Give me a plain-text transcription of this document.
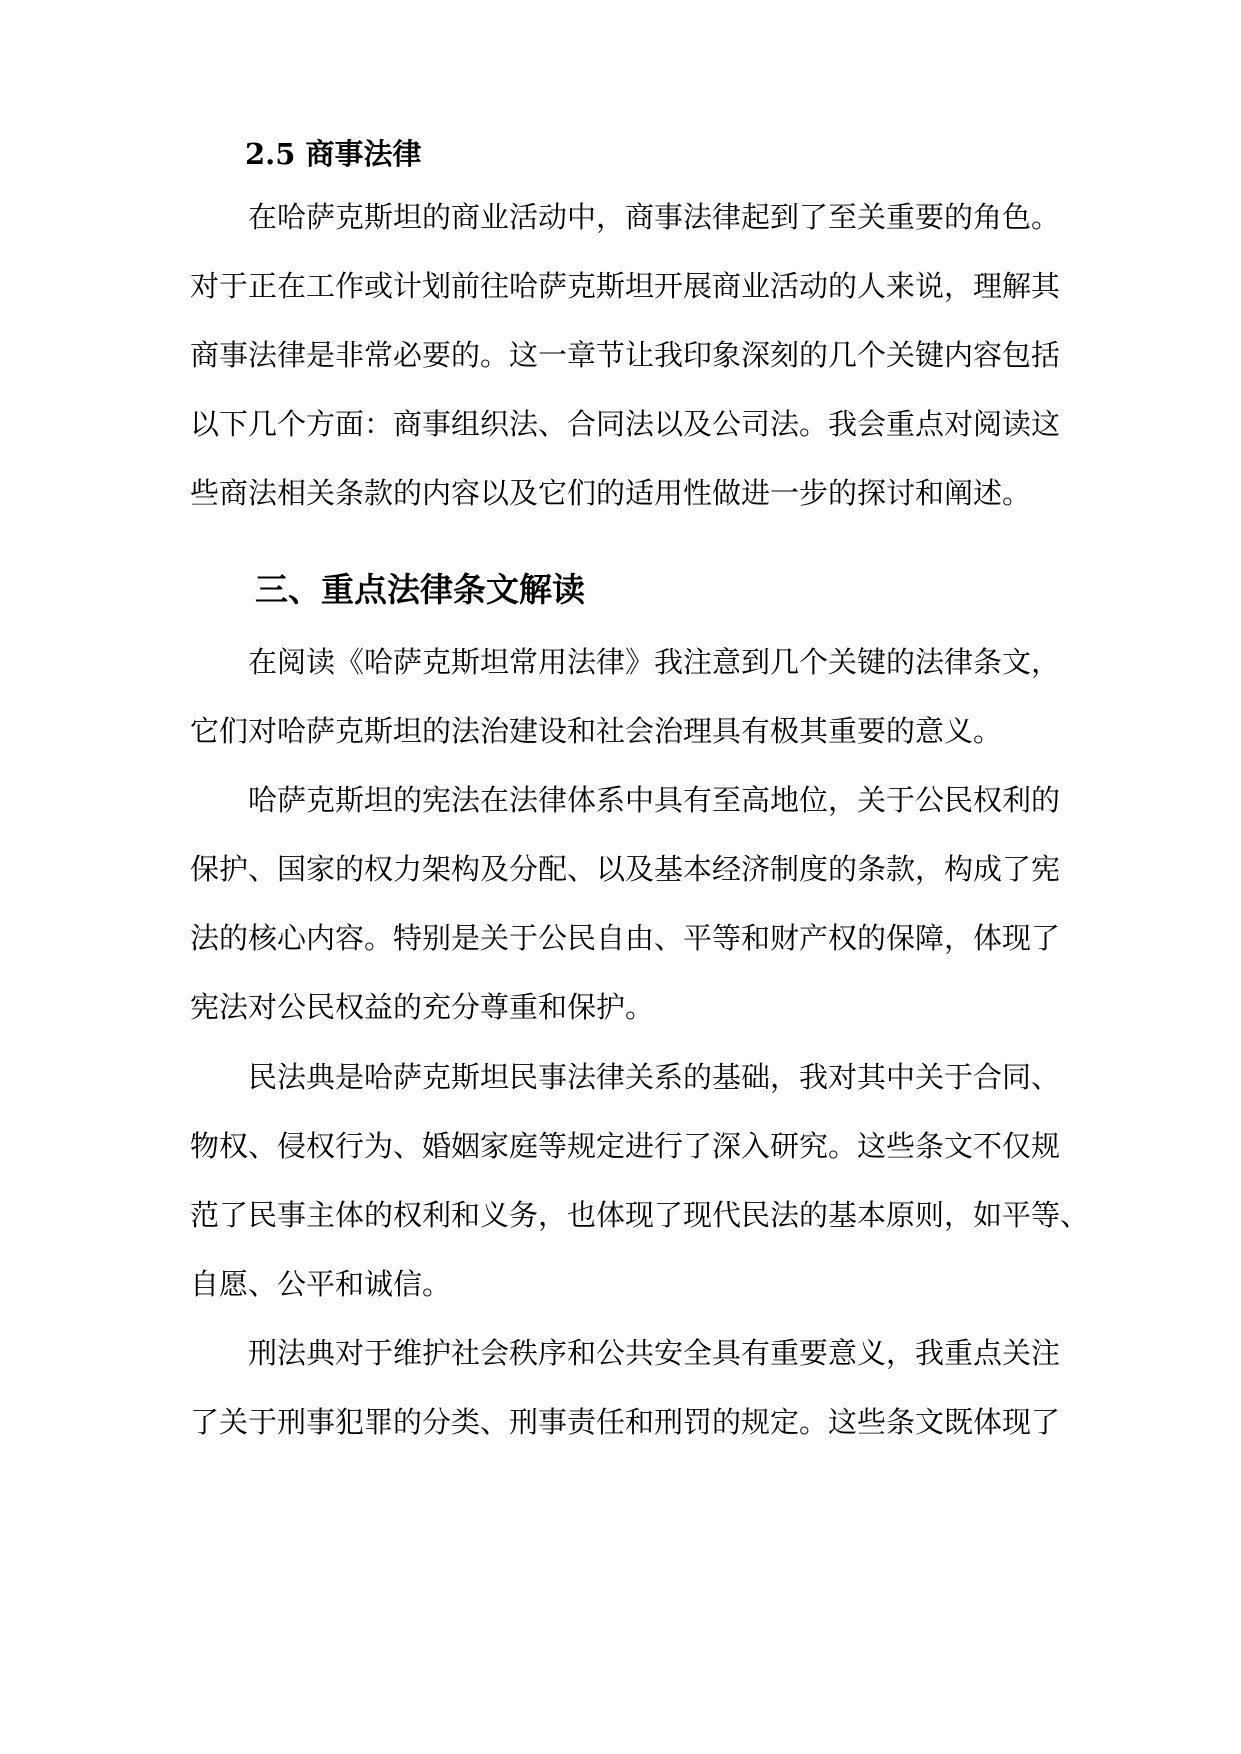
2.5 商事法律
在哈萨克斯坦的商业活动中，商事法律起到了至关重要的角色。
对于正在工作或计划前往哈萨克斯坦开展商业活动的人来说，理解其
商事法律是非常必要的。这一章节让我印象深刻的几个关键内容包括
以下几个方面：商事组织法、合同法以及公司法。我会重点对阅读这
些商法相关条款的内容以及它们的适用性做进一步的探讨和阐述。
三、重点法律条文解读
在阅读《哈萨克斯坦常用法律》我注意到几个关键的法律条文，
它们对哈萨克斯坦的法治建设和社会治理具有极其重要的意义。
哈萨克斯坦的宪法在法律体系中具有至高地位，关于公民权利的
保护、国家的权力架构及分配、以及基本经济制度的条款，构成了宪
法的核心内容。特别是关于公民自由、平等和财产权的保障，体现了
宪法对公民权益的充分尊重和保护。
民法典是哈萨克斯坦民事法律关系的基础，我对其中关于合同、
物权、侵权行为、婚姻家庭等规定进行了深入研究。这些条文不仅规
范了民事主体的权利和义务，也体现了现代民法的基本原则，如平等、
自愿、公平和诚信。
刑法典对于维护社会秩序和公共安全具有重要意义，我重点关注
了关于刑事犯罪的分类、刑事责任和刑罚的规定。这些条文既体现了
